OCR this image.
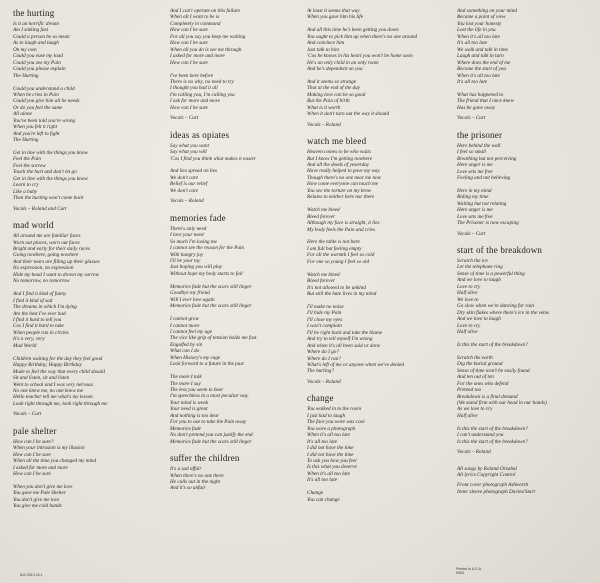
the hurting
Is it an horrific dream
Am I sinking fast
Could a person be so mean
As to laugh and laugh
On my own
Could you ease my load
Could you see my Pain
Could you please explain
The Hurting
Could you understand a child
When he cries in Pain
Could you give him all he needs
Or do you feel the same
All alone
You've been told you're wrong
When you felt it right
And you're left to fight
The Hurting
Get in line with the things you know
Feel the Pain
Feel the sorrow
Touch the hurt and don't let go
Get in line with the things you know
Learn to cry
Like a baby
Then the hurting won't come back
Vocals – Roland and Curt
mad world
All around me are familiar faces
Worn out places, worn out faces
Bright and early for their daily races
Going nowhere, going nowhere
And their tears are filling up their glasses
No expression, no expression
Hide my head I want to drown my sorrow
No tomorrow, no tomorrow
And I find it kind of funny
I find it kind of sad
The dreams in which I'm dying
Are the best I've ever had
I find it hard to tell you
Cos I find it hard to take
When people run in circles
It's a very, very
Mad World
Children waiting for the day they feel good
Happy Birthday, Happy Birthday
Made to feel the way that every child should
Sit and listen, sit and listen
Went to school and I was very nervous
No one knew me, no one knew me
Hello teacher tell me what's my lesson
Look right through me, look right through me
Vocals – Curt
pale shelter
How can I be sure?
When your intrusion is my illusion
How can I be sure
When all the time you changed my mind
I asked for more and more
How can I be sure
When you don't give me love
You gave me Pale Shelter
You don't give me love
You give me cold hands
And I can't operate on this failure
When all I want to be is
Completely in command
How can I be sure
For all you say you keep me waiting
How can I be sure
When all you do is see me through
I asked for more and more
How can I be sure
I've been here before
There is no why, no need to try
I thought you had it all
I'm calling you, I'm calling you
I ask for more and more
How can I be sure
Vocals – Curt
ideas as opiates
Say what you want
Say what you will
'Cos I find you think what makes it easier
And lies spread on lies
We don't care
Belief is our relief
We don't care
Vocals – Roland
memories fade
There's only need
I love your need
So much I'm losing me
I cannot see the reason for the Pain
With hungry joy
I'll be your toy
Just hoping you will play
Without hope my body starts to fail
Memories fade but the scars still linger
Goodbye my friend
Will I ever love again
Memories fade but the scars still linger
I cannot grow
I cannot move
I cannot feel my age
The vice like grip of tension holds me fast
Engulfed by sin
What can I do
When History's my cage
Look forward to a future in the past
The more I talk
The more I say
The less you seem to hear
I'm speechless in a most peculiar way
Your mind is weak
Your need is great
And nothing is too dear
For you to use to take the Pain away
Memories fade
No don't pretend you can justify the end
Memories fade but the scars still linger
suffer the children
It's a sad affair
When there's no one there
He calls out in the night
And it's so unfair
At least it seems that way
When you gave him his life
And all this time he's been getting you down
You ought to pick him up when there's no one around
And convince him
Just talk to him
'Cos he knows in his heart you won't be home soon
He's an only child in an only room
And he's dependent on you
And it seems so strange
That at the end of the day
Making love can be so good
But the Pain of birth
What is it worth
When it don't turn out the way it should
Vocals – Roland
watch me bleed
Heaven comes to be who waits
But I know I'm getting nowhere
And all the deeds of yesterday
Have really helped to pave my way
Though there's no one near me now
How come everyone can touch me
You see the torture on my brow
Relates to neither here nor there
Watch me bleed
Bleed forever
Although my face is straight, it lies
My body feels the Pain and cries
Here the table is not bare
I am full but feeling empty
For all the warmth I feel so cold
For one so young I feel so old
Watch me bleed
Bleed forever
It's not allowed to be unkind
But still the hate lives in my mind
I'll make no noise
I'll hide my Pain
I'll close my eyes
I won't complain
I'll be right back and take the blame
And try to tell myself I'm wrong
And when it's all been said or done
Where do I go?
Where do I run?
What's left of me or anyone when we've denied
The hurting?
Vocals – Roland
change
You walked in to the room
I just had to laugh
The face you wore was cool
You wore a photograph
When it's all too late
It's all too late
I did not have the time
I did not have the time
To ask you how you feel
Is this what you deserve
When it's all too late
It's all too late
Change
You can change
And something on your mind
Became a point of view
You lost your honesty
Lost the life in you
When it's all too late
It's all too late
We walk and talk in time
Laugh and talk in turn
Where does the end of me
Become the start of you
When it's all too late
It's all too late
What has happened to
The friend that I once knew
Has he gone away
Vocals – Curt
the prisoner
Here behind the wall
I feel so small
Breathing but not perceiving
Here anger is me
Love sets me free
Feeling and not believing
Here in my mind
Biding my time
Waiting but not relating
Here anger is me
Love sets me free
The Prisoner is now escaping
Vocals – Curt
start of the breakdown
Scratch the ice
Let the telephone ring
Sense of time is a powerful thing
And we love to laugh
Love to cry
Half alive
We love to
Go slow when we're dancing for rain
Dry skin flakes where there's ice in the veins
And we love to laugh
Love to cry
Half alive
Is this the start of the breakdown?
Scratch the earth
Dig the burial ground
Sense of time won't be easily found
And ten out of ten
For the ones who defend
Pretend too
Breakdown is a final demand
(We stand firm with our head in our hands)
As we love to cry
Half alive
Is this the start of the breakdown?
I can't understand you
Is this the start of the breakdown?
Vocals – Roland
All songs by Roland Orzabal
All lyrics Copyright Control
Front cover photograph Ashworth
Inner sleeve photograph Davies/Starr
811 039-1 M-1
Printed in U.S.A.
0904
